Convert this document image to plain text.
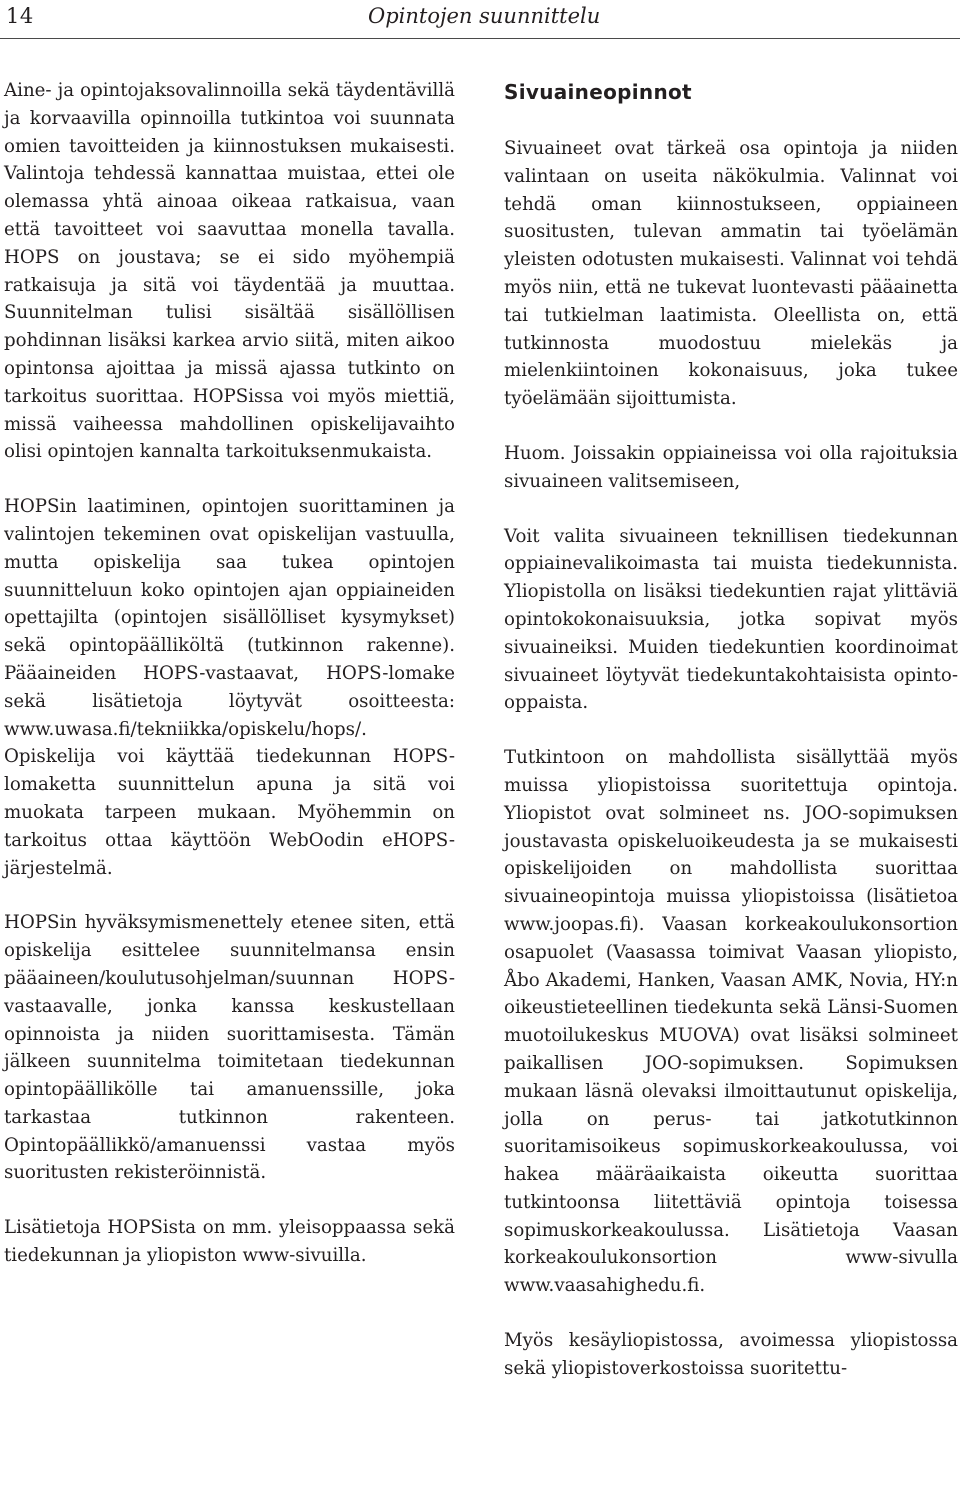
14	Opintojen suunnittelu

Aine- ja opintojaksovalinnoilla sekä täydentävillä ja korvaavilla opinnoilla tutkintoa voi suunnata omien tavoitteiden ja kiinnostuksen mukaisesti. Valintoja tehdessä kannattaa muistaa, ettei ole olemassa yhtä ainoaa oikeaa ratkaisua, vaan että tavoitteet voi saavuttaa monella tavalla. HOPS on joustava; se ei sido myöhempiä ratkaisuja ja sitä voi täydentää ja muuttaa. Suunnitelman tulisi sisältää sisällöllisen pohdinnan lisäksi karkea arvio siitä, miten aikoo opintonsa ajoittaa ja missä ajassa tutkinto on tarkoitus suorittaa. HOPSissa voi myös miettiä, missä vaiheessa mahdollinen opiskelijavaihto olisi opintojen kannalta tarkoituksenmukaista.

HOPSin laatiminen, opintojen suorittaminen ja valintojen tekeminen ovat opiskelijan vastuulla, mutta opiskelija saa tukea opintojen suunnitteluun koko opintojen ajan oppiaineiden opettajilta (opintojen sisällölliset kysymykset) sekä opintopäälliköltä (tutkinnon rakenne). Pääaineiden HOPS-vastaavat, HOPS-lomake sekä lisätietoja löytyvät osoitteesta: www.uwasa.fi/tekniikka/opiskelu/hops/. Opiskelija voi käyttää tiedekunnan HOPS-lomaketta suunnittelun apuna ja sitä voi muokata tarpeen mukaan. Myöhemmin on tarkoitus ottaa käyttöön WebOodin eHOPS-järjestelmä.

HOPSin hyväksymismenettely etenee siten, että opiskelija esittelee suunnitelmansa ensin pääaineen/koulutusohjelman/suunnan HOPS-vastaavalle, jonka kanssa keskustellaan opinnoista ja niiden suorittamisesta. Tämän jälkeen suunnitelma toimitetaan tiedekunnan opintopäällikölle tai amanuenssille, joka tarkastaa tutkinnon rakenteen. Opintopäällikkö/amanuenssi vastaa myös suoritusten rekisteröinnistä.

Lisätietoja HOPSista on mm. yleisoppaassa sekä tiedekunnan ja yliopiston www-sivuilla.

Sivuaineopinnot

Sivuaineet ovat tärkeä osa opintoja ja niiden valintaan on useita näkökulmia. Valinnat voi tehdä oman kiinnostukseen, oppiaineen suositusten, tulevan ammatin tai työelämän yleisten odotusten mukaisesti. Valinnat voi tehdä myös niin, että ne tukevat luontevasti pääainetta tai tutkielman laatimista. Oleellista on, että tutkinnosta muodostuu mielekäs ja mielenkiintoinen kokonaisuus, joka tukee työelämään sijoittumista.

Huom. Joissakin oppiaineissa voi olla rajoituksia sivuaineen valitsemiseen,

Voit valita sivuaineen teknillisen tiedekunnan oppiainevalikoimasta tai muista tiedekunnista. Yliopistolla on lisäksi tiedekuntien rajat ylittäviä opintokokonaisuuksia, jotka sopivat myös sivuaineiksi. Muiden tiedekuntien koordinoimat sivuaineet löytyvät tiedekuntakohtaisista opinto-oppaista.

Tutkintoon on mahdollista sisällyttää myös muissa yliopistoissa suoritettuja opintoja. Yliopistot ovat solmineet ns. JOO-sopimuksen joustavasta opiskeluoikeudesta ja se mukaisesti opiskelijoiden on mahdollista suorittaa sivuaineopintoja muissa yliopistoissa (lisätietoa www.joopas.fi). Vaasan korkeakoulukonsortion osapuolet (Vaasassa toimivat Vaasan yliopisto, Åbo Akademi, Hanken, Vaasan AMK, Novia, HY:n oikeustieteellinen tiedekunta sekä Länsi-Suomen muotoilukeskus MUOVA) ovat lisäksi solmineet paikallisen JOO-sopimuksen. Sopimuksen mukaan läsnä olevaksi ilmoittautunut opiskelija, jolla on perus- tai jatkotutkinnon suoritamisoikeus sopimuskorkeakoulussa, voi hakea määräaikaista oikeutta suorittaa tutkintoonsa liitettäviä opintoja toisessa sopimuskorkeakoulussa. Lisätietoja Vaasan korkeakoulukonsortion www-sivulla www.vaasahighedu.fi.

Myös kesäyliopistossa, avoimessa yliopistossa sekä yliopistoverkostoissa suoritettu-
